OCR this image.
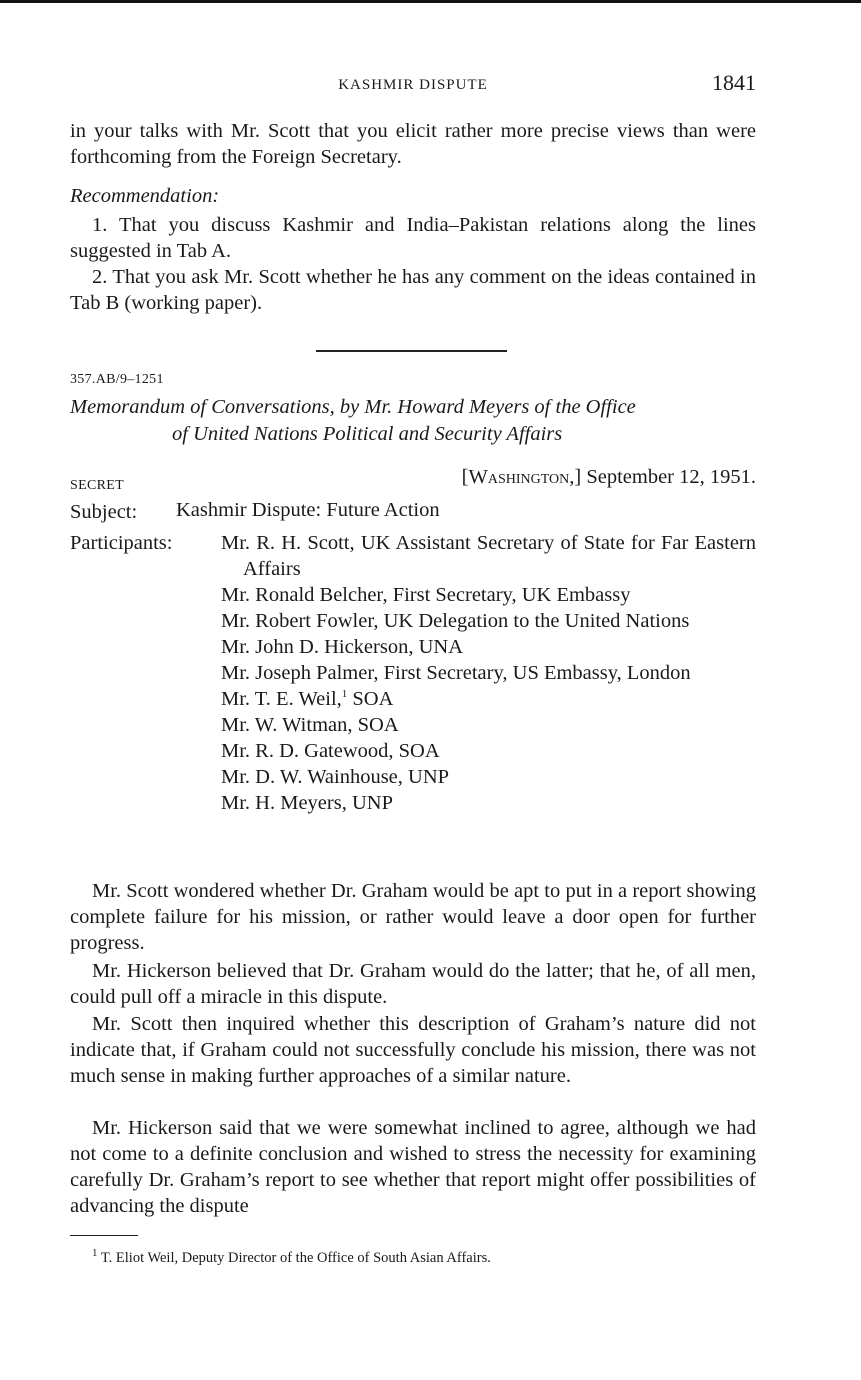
KASHMIR DISPUTE	1841

in your talks with Mr. Scott that you elicit rather more precise views than were forthcoming from the Foreign Secretary.

Recommendation:

1. That you discuss Kashmir and India–Pakistan relations along the lines suggested in Tab A.

2. That you ask Mr. Scott whether he has any comment on the ideas contained in Tab B (working paper).

357.AB/9–1251
Memorandum of Conversations, by Mr. Howard Meyers of the Office
of United Nations Political and Security Affairs
SECRET	[Washington,] September 12, 1951.
Subject: Kashmir Dispute: Future Action
Participants: Mr. R. H. Scott, UK Assistant Secretary of State for Far Eastern Affairs
Mr. Ronald Belcher, First Secretary, UK Embassy
Mr. Robert Fowler, UK Delegation to the United Nations
Mr. John D. Hickerson, UNA
Mr. Joseph Palmer, First Secretary, US Embassy, London
Mr. T. E. Weil,$^1$ SOA
Mr. W. Witman, SOA
Mr. R. D. Gatewood, SOA
Mr. D. W. Wainhouse, UNP
Mr. H. Meyers, UNP

Mr. Scott wondered whether Dr. Graham would be apt to put in a report showing complete failure for his mission, or rather would leave a door open for further progress.

Mr. Hickerson believed that Dr. Graham would do the latter; that he, of all men, could pull off a miracle in this dispute.

Mr. Scott then inquired whether this description of Graham’s nature did not indicate that, if Graham could not successfully conclude his mission, there was not much sense in making further approaches of a similar nature.

Mr. Hickerson said that we were somewhat inclined to agree, although we had not come to a definite conclusion and wished to stress the necessity for examining carefully Dr. Graham’s report to see whether that report might offer possibilities of advancing the dispute

$^1$ T. Eliot Weil, Deputy Director of the Office of South Asian Affairs.
